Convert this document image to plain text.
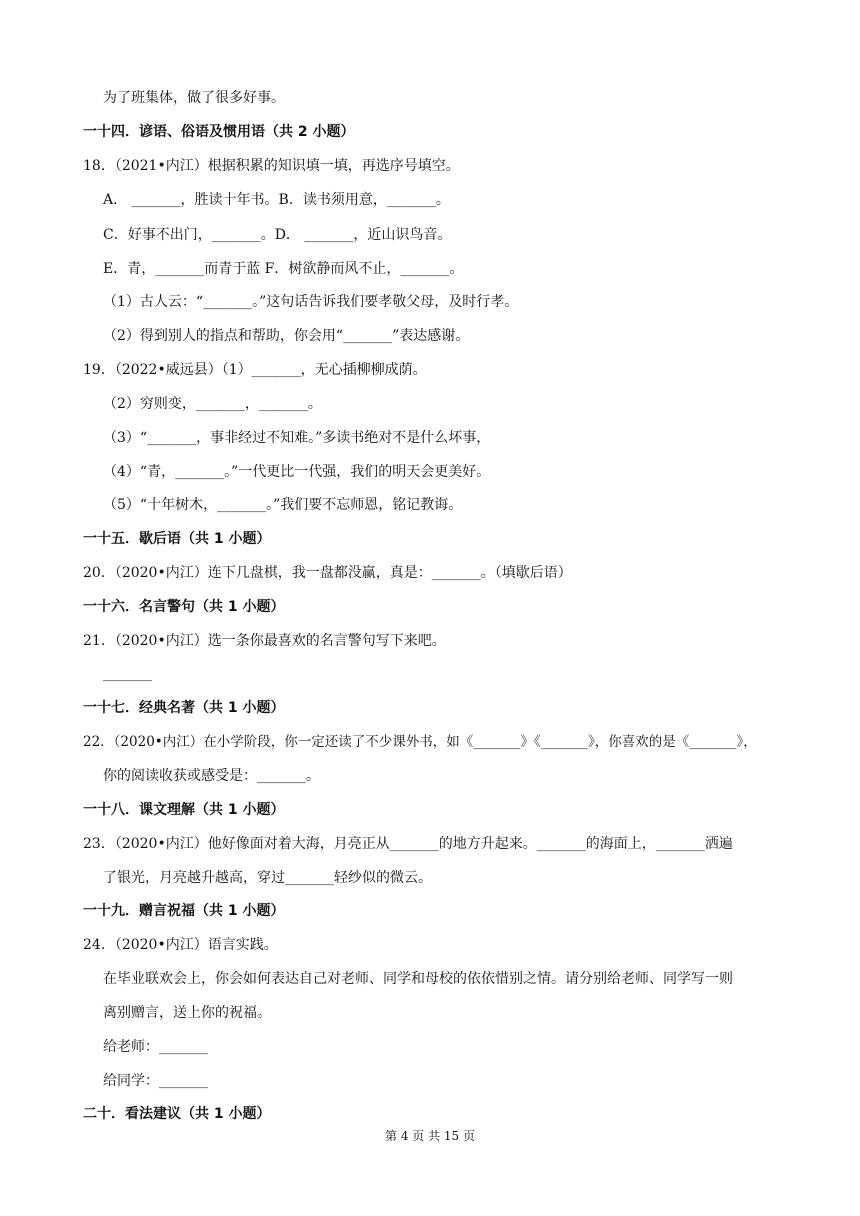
为了班集体，做了很多好事。
一十四．谚语、俗语及惯用语（共 2 小题）
18．（2021•内江）根据积累的知识填一填，再选序号填空。
A． _______，胜读十年书。B．读书须用意，_______。
C．好事不出门，_______。D． _______，近山识鸟音。
E．青，_______而青于蓝 F．树欲静而风不止，_______。
（1）古人云：“_______。”这句话告诉我们要孝敬父母，及时行孝。
（2）得到别人的指点和帮助，你会用“_______”表达感谢。
19．（2022•威远县）（1）_______，无心插柳柳成荫。
（2）穷则变，_______，_______。
（3）“_______，事非经过不知难。”多读书绝对不是什么坏事，
（4）“青，_______。”一代更比一代强，我们的明天会更美好。
（5）“十年树木，_______。”我们要不忘师恩，铭记教诲。
一十五．歇后语（共 1 小题）
20．（2020•内江）连下几盘棋，我一盘都没赢，真是：_______。（填歇后语）
一十六．名言警句（共 1 小题）
21．（2020•内江）选一条你最喜欢的名言警句写下来吧。
_______
一十七．经典名著（共 1 小题）
22．（2020•内江）在小学阶段，你一定还读了不少课外书，如《_______》《_______》，你喜欢的是《_______》，
你的阅读收获或感受是：_______。
一十八．课文理解（共 1 小题）
23．（2020•内江）他好像面对着大海，月亮正从_______的地方升起来。_______的海面上，_______洒遍
了银光，月亮越升越高，穿过_______轻纱似的微云。
一十九．赠言祝福（共 1 小题）
24．（2020•内江）语言实践。
在毕业联欢会上，你会如何表达自己对老师、同学和母校的依依惜别之情。请分别给老师、同学写一则
离别赠言，送上你的祝福。
给老师：_______
给同学：_______
二十．看法建议（共 1 小题）
第 4 页 共 15 页
